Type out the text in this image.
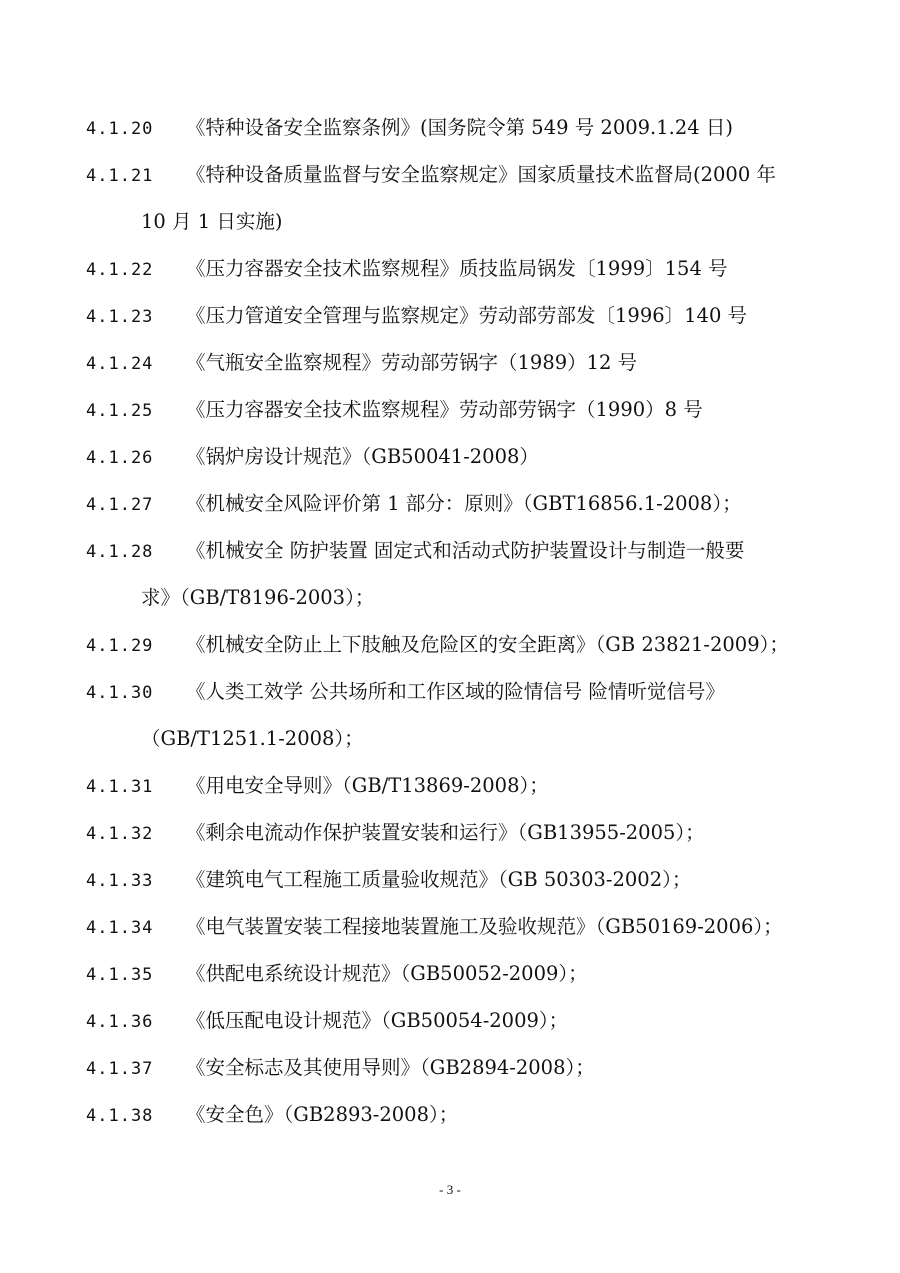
4.1.20 《特种设备安全监察条例》(国务院令第 549 号 2009.1.24 日)
4.1.21 《特种设备质量监督与安全监察规定》国家质量技术监督局(2000 年
10 月 1 日实施)
4.1.22 《压力容器安全技术监察规程》质技监局锅发〔1999〕154 号
4.1.23 《压力管道安全管理与监察规定》劳动部劳部发〔1996〕140 号
4.1.24 《气瓶安全监察规程》劳动部劳锅字（1989）12 号
4.1.25 《压力容器安全技术监察规程》劳动部劳锅字（1990）8 号
4.1.26 《锅炉房设计规范》（GB50041-2008）
4.1.27 《机械安全风险评价第 1 部分：原则》（GBT16856.1-2008）；
4.1.28 《机械安全 防护装置 固定式和活动式防护装置设计与制造一般要
求》（GB/T8196-2003）；
4.1.29 《机械安全防止上下肢触及危险区的安全距离》（GB 23821-2009）；
4.1.30 《人类工效学 公共场所和工作区域的险情信号 险情听觉信号》
（GB/T1251.1-2008）；
4.1.31 《用电安全导则》（GB/T13869-2008）；
4.1.32 《剩余电流动作保护装置安装和运行》（GB13955-2005）；
4.1.33 《建筑电气工程施工质量验收规范》（GB 50303-2002）；
4.1.34 《电气装置安装工程接地装置施工及验收规范》（GB50169-2006）；
4.1.35 《供配电系统设计规范》（GB50052-2009）；
4.1.36 《低压配电设计规范》（GB50054-2009）；
4.1.37 《安全标志及其使用导则》（GB2894-2008）；
4.1.38 《安全色》（GB2893-2008）；
- 3 -
